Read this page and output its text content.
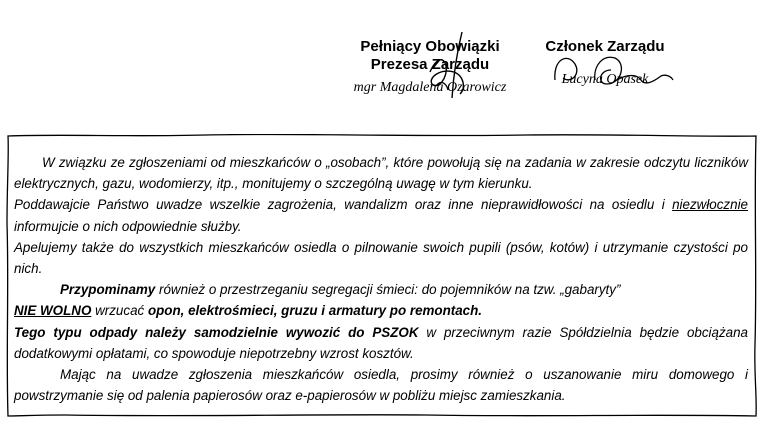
Pełniący Obowiązki
Prezesa Zarządu
mgr Magdalena Ozarowicz
Członek Zarządu
Lucyna Opasek

W związku ze zgłoszeniami od mieszkańców o „osobach”, które powołują się na zadania w zakresie odczytu liczników elektrycznych, gazu, wodomierzy, itp., monitujemy o szczególną uwagę w tym kierunku.

Poddawajcie Państwo uwadze wszelkie zagrożenia, wandalizm oraz inne nieprawidłowości na osiedlu i niezwłocznie informujcie o nich odpowiednie służby.

Apelujemy także do wszystkich mieszkańców osiedla o pilnowanie swoich pupili (psów, kotów) i utrzymanie czystości po nich.

Przypominamy również o przestrzeganiu segregacji śmieci: do pojemników na tzw. „gabaryty”

NIE WOLNO wrzucać opon, elektrośmieci, gruzu i armatury po remontach.

Tego typu odpady należy samodzielnie wywozić do PSZOK w przeciwnym razie Spółdzielnia będzie obciążana dodatkowymi opłatami, co spowoduje niepotrzebny wzrost kosztów.

Mając na uwadze zgłoszenia mieszkańców osiedla, prosimy również o uszanowanie miru domowego i powstrzymanie się od palenia papierosów oraz e-papierosów w pobliżu miejsc zamieszkania.
